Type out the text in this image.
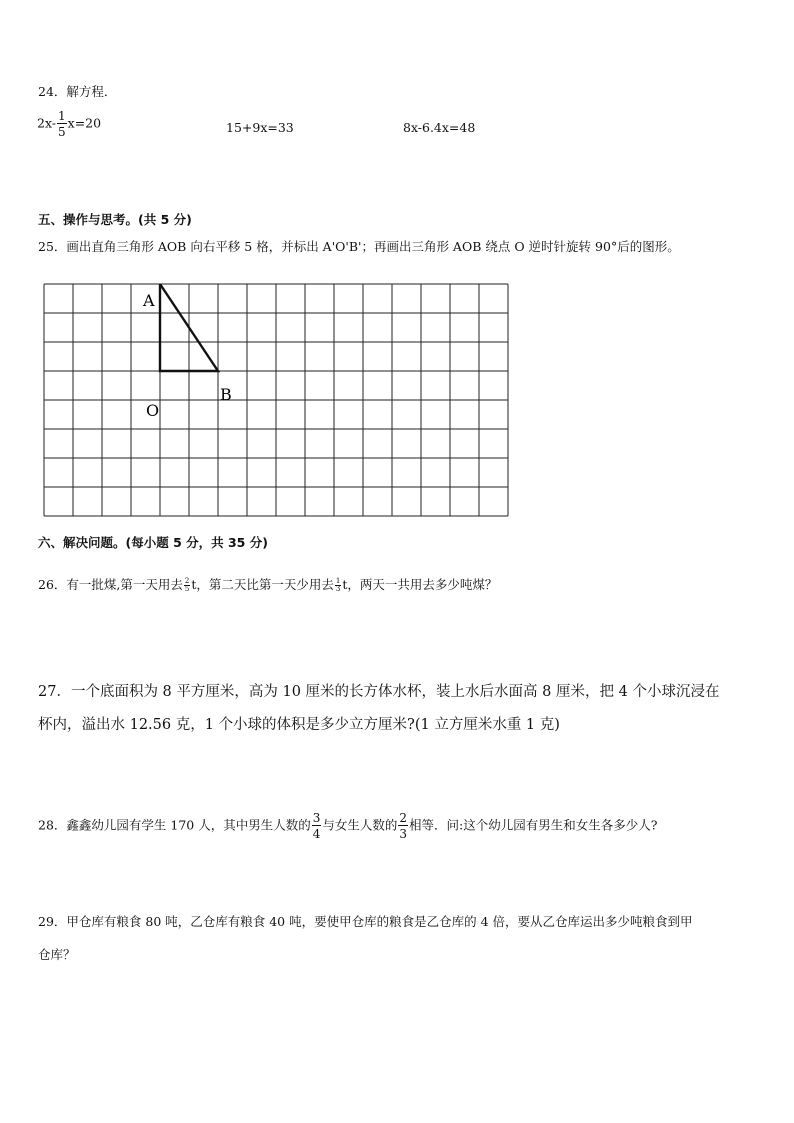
24．解方程．
$2x- \frac{1}{5} x=20$	15+9x=33	8x-6.4x=48
五、操作与思考。(共 5 分)
25．画出直角三角形 AOB 向右平移 5 格，并标出 A'O'B'；再画出三角形 AOB 绕点 O 逆时针旋转 90°后的图形。
A
O
B
六、解决问题。(每小题 5 分，共 35 分)
26．有一批煤,第一天用去 $\frac{2}{5}$ t，第二天比第一天少用去 $\frac{1}{3}$ t，两天一共用去多少吨煤？
27．一个底面积为 8 平方厘米，高为 10 厘米的长方体水杯，装上水后水面高 8 厘米，把 4 个小球沉浸在
杯内，溢出水 12.56 克，1 个小球的体积是多少立方厘米?(1 立方厘米水重 1 克)
28．鑫鑫幼儿园有学生 170 人，其中男生人数的 $\frac{3}{4}$ 与女生人数的 $\frac{2}{3}$ 相等．问:这个幼儿园有男生和女生各多少人?
29．甲仓库有粮食 80 吨，乙仓库有粮食 40 吨，要使甲仓库的粮食是乙仓库的 4 倍，要从乙仓库运出多少吨粮食到甲
仓库？
